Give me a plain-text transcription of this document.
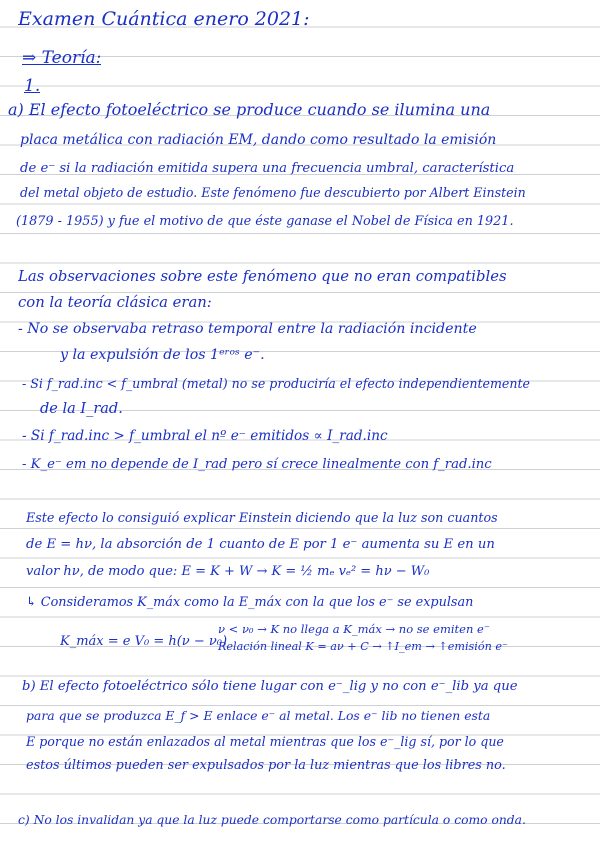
Examen Cuántica enero 2021:
⇒ Teoría:
1.
a) El efecto fotoeléctrico se produce cuando se ilumina una
placa metálica con radiación EM, dando como resultado la emisión
de e⁻ si la radiación emitida supera una frecuencia umbral, característica
del metal objeto de estudio. Este fenómeno fue descubierto por Albert Einstein
(1879 - 1955) y fue el motivo de que éste ganase el Nobel de Física en 1921.
Las observaciones sobre este fenómeno que no eran compatibles
con la teoría clásica eran:
- No se observaba retraso temporal entre la radiación incidente
y la expulsión de los 1ᵉʳᵒˢ e⁻.
- Si f_rad.inc < f_umbral (metal) no se produciría el efecto independientemente
de la I_rad.
- Si f_rad.inc > f_umbral el nº e⁻ emitidos ∝ I_rad.inc
- K_e⁻ em no depende de I_rad pero sí crece linealmente con f_rad.inc
Este efecto lo consiguió explicar Einstein diciendo que la luz son cuantos
de E = hν, la absorción de 1 cuanto de E por 1 e⁻ aumenta su E en un
valor hν, de modo que: E = K + W → K = ½ mₑ vₑ² = hν − W₀
↳ Consideramos K_máx como la E_máx con la que los e⁻ se expulsan
K_máx = e V₀ = h(ν − ν₀)
ν < ν₀ → K no llega a K_máx → no se emiten e⁻
Relación lineal K = aν + C → ↑I_em → ↑emisión e⁻
b) El efecto fotoeléctrico sólo tiene lugar con e⁻_lig y no con e⁻_lib ya que
para que se produzca E_f > E enlace e⁻ al metal. Los e⁻ lib no tienen esta
E porque no están enlazados al metal mientras que los e⁻_lig sí, por lo que
estos últimos pueden ser expulsados por la luz mientras que los libres no.
c) No los invalidan ya que la luz puede comportarse como partícula o como onda.
